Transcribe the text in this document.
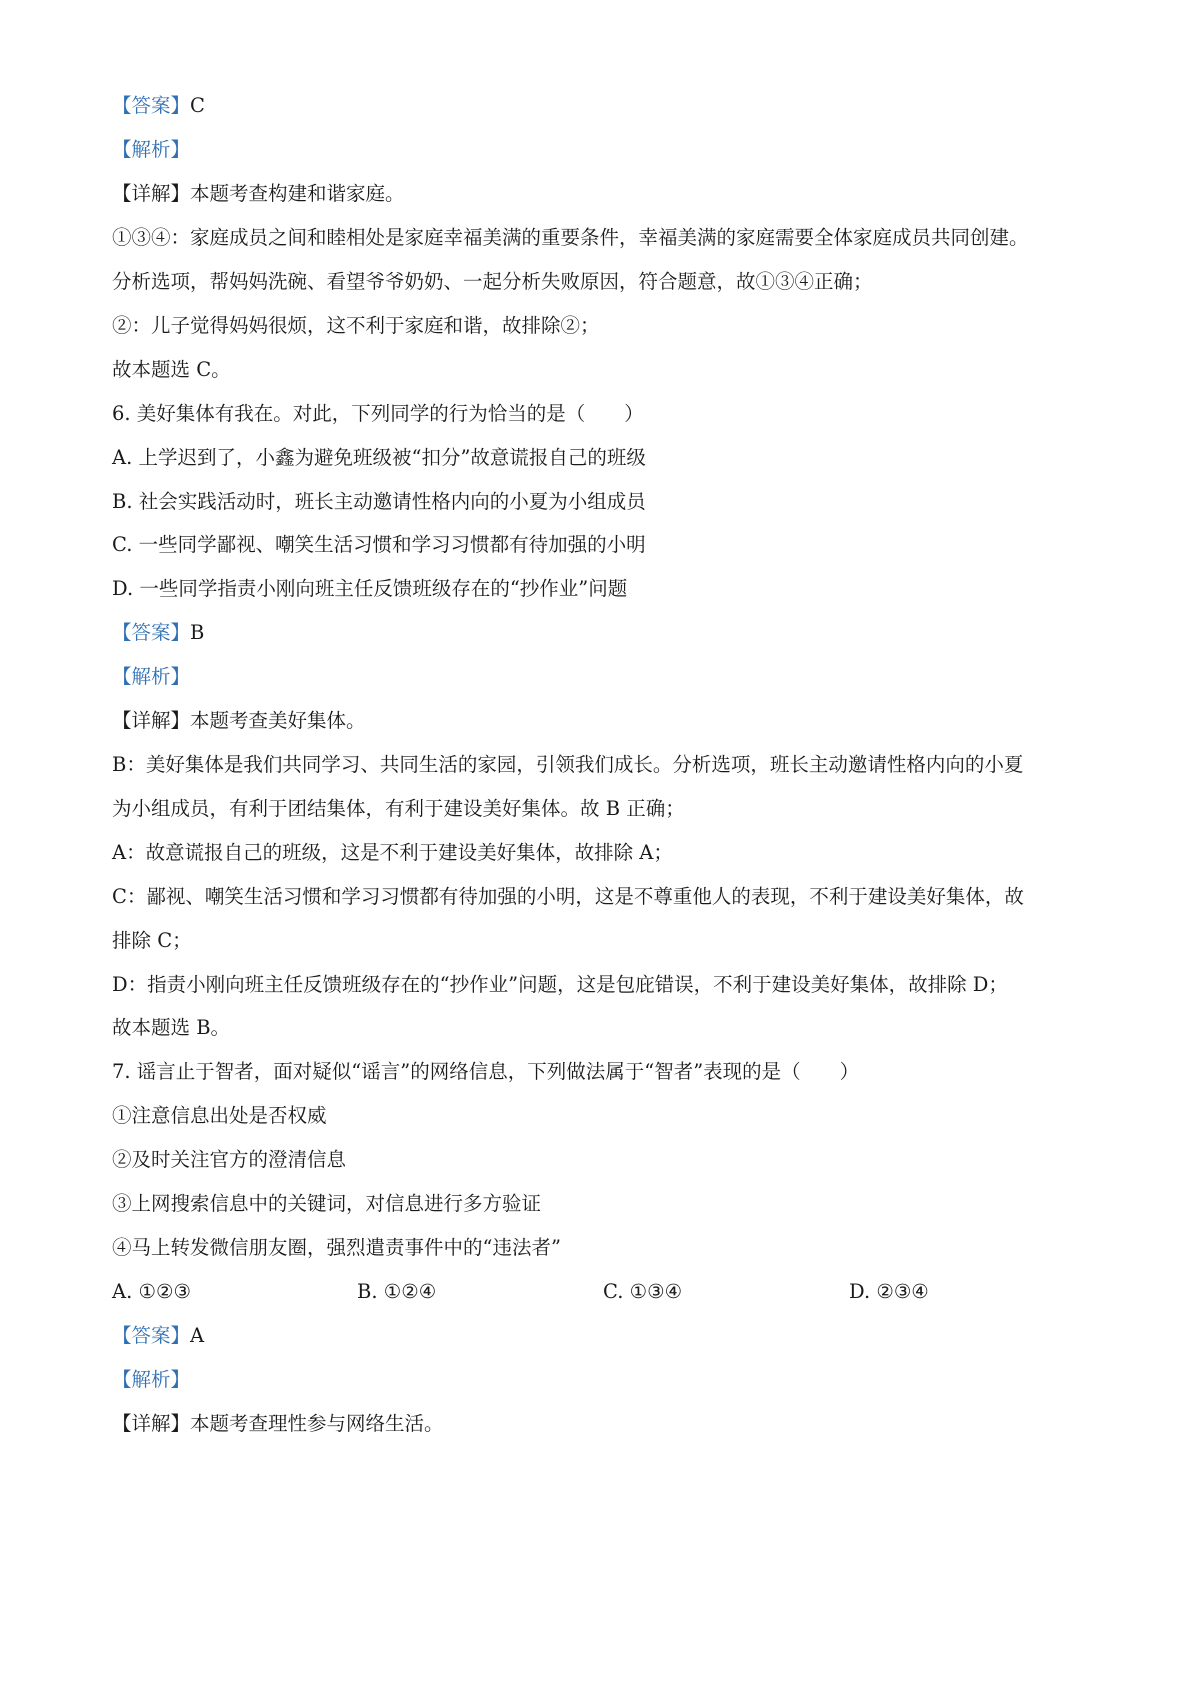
【答案】C
【解析】
【详解】本题考查构建和谐家庭。
①③④：家庭成员之间和睦相处是家庭幸福美满的重要条件，幸福美满的家庭需要全体家庭成员共同创建。
分析选项，帮妈妈洗碗、看望爷爷奶奶、一起分析失败原因，符合题意，故①③④正确；
②：儿子觉得妈妈很烦，这不利于家庭和谐，故排除②；
故本题选 C。
6. 美好集体有我在。对此，下列同学的行为恰当的是（　　）
A. 上学迟到了，小鑫为避免班级被“扣分”故意谎报自己的班级
B. 社会实践活动时，班长主动邀请性格内向的小夏为小组成员
C. 一些同学鄙视、嘲笑生活习惯和学习习惯都有待加强的小明
D. 一些同学指责小刚向班主任反馈班级存在的“抄作业”问题
【答案】B
【解析】
【详解】本题考查美好集体。
B：美好集体是我们共同学习、共同生活的家园，引领我们成长。分析选项，班长主动邀请性格内向的小夏
为小组成员，有利于团结集体，有利于建设美好集体。故 B 正确；
A：故意谎报自己的班级，这是不利于建设美好集体，故排除 A；
C：鄙视、嘲笑生活习惯和学习习惯都有待加强的小明，这是不尊重他人的表现，不利于建设美好集体，故
排除 C；
D：指责小刚向班主任反馈班级存在的“抄作业”问题，这是包庇错误，不利于建设美好集体，故排除 D；
故本题选 B。
7. 谣言止于智者，面对疑似“谣言”的网络信息，下列做法属于“智者”表现的是（　　）
①注意信息出处是否权威
②及时关注官方的澄清信息
③上网搜索信息中的关键词，对信息进行多方验证
④马上转发微信朋友圈，强烈遣责事件中的“违法者”
A. ①②③	B. ①②④	C. ①③④	D. ②③④
【答案】A
【解析】
【详解】本题考查理性参与网络生活。
